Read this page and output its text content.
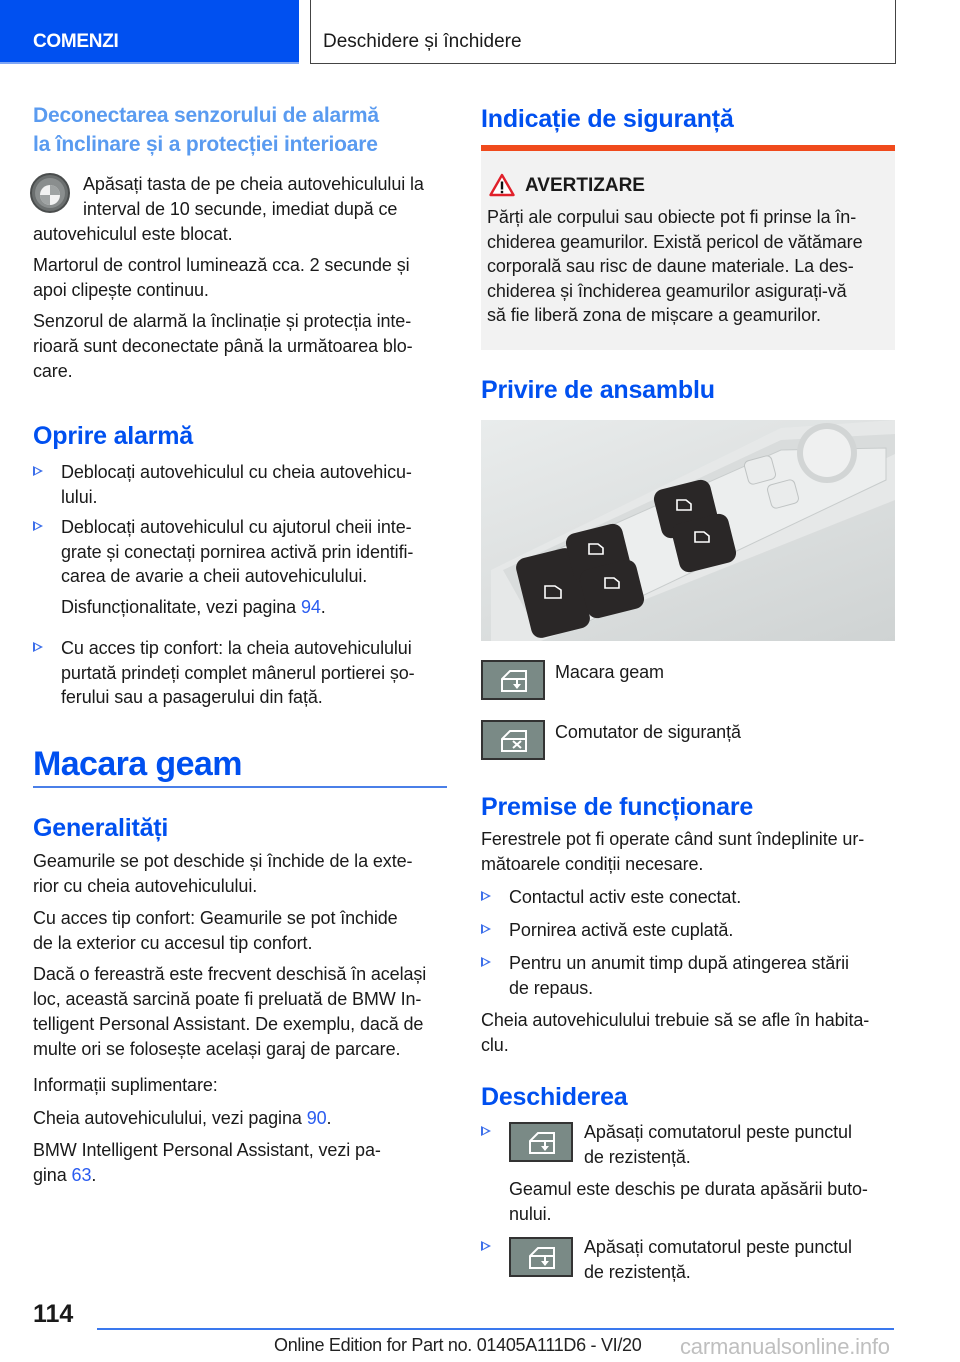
COMENZI	Deschidere și închidere
Deconectarea senzorului de alarmă
la înclinare și a protecției interioare
Apăsați tasta de pe cheia autovehiculului la
interval de 10 secunde, imediat după ce
autovehiculul este blocat.
Martorul de control luminează cca. 2 secunde și
apoi clipește continuu.
Senzorul de alarmă la înclinație și protecția inte-
rioară sunt deconectate până la următoarea blo-
care.
Oprire alarmă
Deblocați autovehiculul cu cheia autovehicu-
lului.
Deblocați autovehiculul cu ajutorul cheii inte-
grate și conectați pornirea activă prin identifi-
carea de avarie a cheii autovehiculului.
Disfuncționalitate, vezi pagina 94.
Cu acces tip confort: la cheia autovehiculului
purtată prindeți complet mânerul portierei șo-
ferului sau a pasagerului din față.
Macara geam
Generalități
Geamurile se pot deschide și închide de la exte-
rior cu cheia autovehiculului.
Cu acces tip confort: Geamurile se pot închide
de la exterior cu accesul tip confort.
Dacă o fereastră este frecvent deschisă în același
loc, această sarcină poate fi preluată de BMW In-
telligent Personal Assistant. De exemplu, dacă de
multe ori se folosește același garaj de parcare.
Informații suplimentare:
Cheia autovehiculului, vezi pagina 90.
BMW Intelligent Personal Assistant, vezi pa-
gina 63.
Indicație de siguranță
AVERTIZARE
Părți ale corpului sau obiecte pot fi prinse la în-
chiderea geamurilor. Există pericol de vătămare
corporală sau risc de daune materiale. La des-
chiderea și închiderea geamurilor asigurați-vă
să fie liberă zona de mișcare a geamurilor.
Privire de ansamblu
Macara geam
Comutator de siguranță
Premise de funcționare
Ferestrele pot fi operate când sunt îndeplinite ur-
mătoarele condiții necesare.
Contactul activ este conectat.
Pornirea activă este cuplată.
Pentru un anumit timp după atingerea stării
de repaus.
Cheia autovehiculului trebuie să se afle în habita-
clu.
Deschiderea
Apăsați comutatorul peste punctul
de rezistență.
Geamul este deschis pe durata apăsării buto-
nului.
Apăsați comutatorul peste punctul
de rezistență.
114
Online Edition for Part no. 01405A111D6 - VI/20 carmanualsonline.info
